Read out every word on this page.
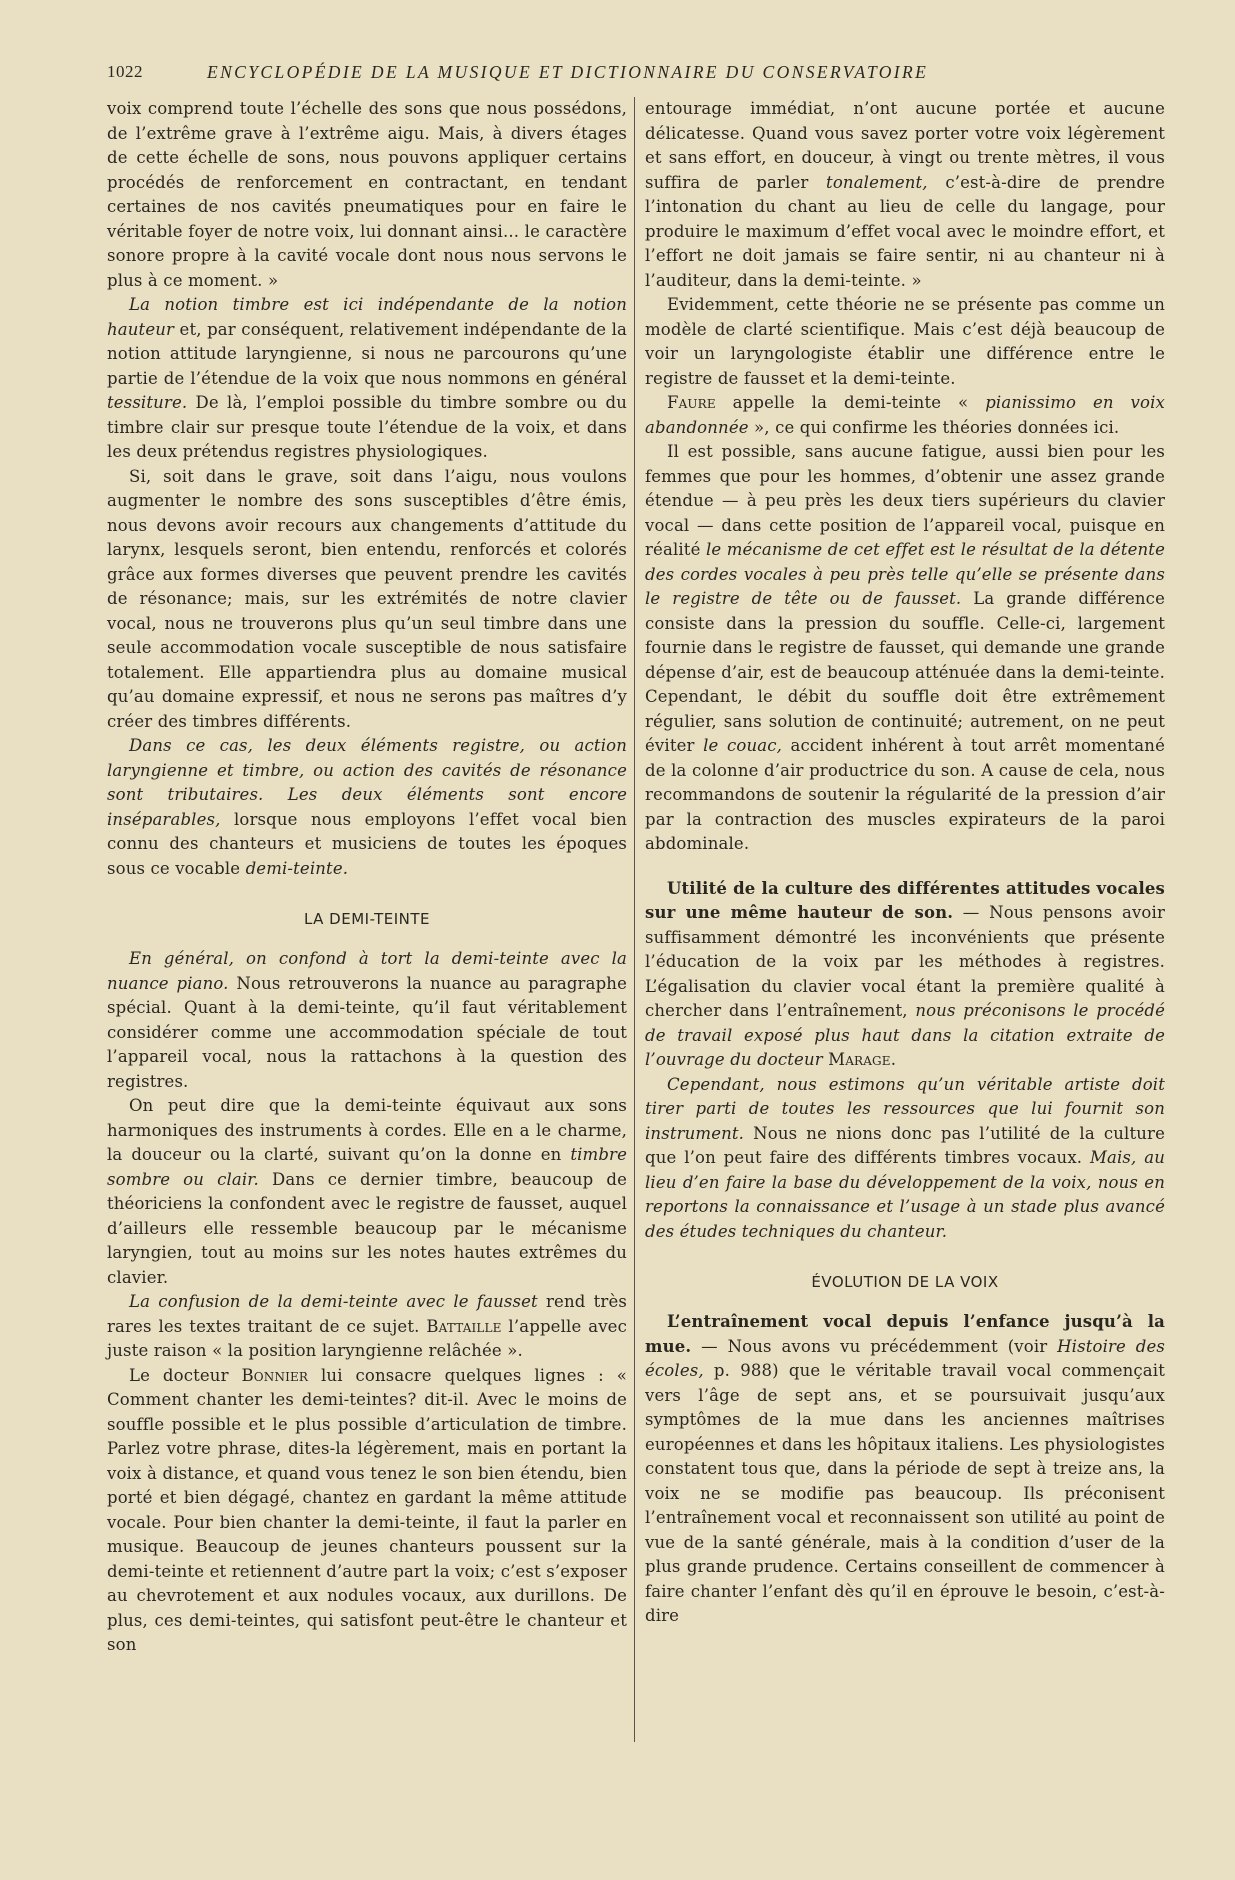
1022	ENCYCLOPÉDIE DE LA MUSIQUE ET DICTIONNAIRE DU CONSERVATOIRE

voix comprend toute l’échelle des sons que nous possédons, de l’extrême grave à l’extrême aigu. Mais, à divers étages de cette échelle de sons, nous pouvons appliquer certains procédés de renforcement en contractant, en tendant certaines de nos cavités pneumatiques pour en faire le véritable foyer de notre voix, lui donnant ainsi... le caractère sonore propre à la cavité vocale dont nous nous servons le plus à ce moment. »

La notion timbre est ici indépendante de la notion hauteur et, par conséquent, relativement indépendante de la notion attitude laryngienne, si nous ne parcourons qu’une partie de l’étendue de la voix que nous nommons en général tessiture. De là, l’emploi possible du timbre sombre ou du timbre clair sur presque toute l’étendue de la voix, et dans les deux prétendus registres physiologiques.

Si, soit dans le grave, soit dans l’aigu, nous voulons augmenter le nombre des sons susceptibles d’être émis, nous devons avoir recours aux changements d’attitude du larynx, lesquels seront, bien entendu, renforcés et colorés grâce aux formes diverses que peuvent prendre les cavités de résonance; mais, sur les extrémités de notre clavier vocal, nous ne trouverons plus qu’un seul timbre dans une seule accommodation vocale susceptible de nous satisfaire totalement. Elle appartiendra plus au domaine musical qu’au domaine expressif, et nous ne serons pas maîtres d’y créer des timbres différents.

Dans ce cas, les deux éléments registre, ou action laryngienne et timbre, ou action des cavités de résonance sont tributaires. Les deux éléments sont encore inséparables, lorsque nous employons l’effet vocal bien connu des chanteurs et musiciens de toutes les époques sous ce vocable demi-teinte.

LA DEMI-TEINTE

En général, on confond à tort la demi-teinte avec la nuance piano. Nous retrouverons la nuance au paragraphe spécial. Quant à la demi-teinte, qu’il faut véritablement considérer comme une accommodation spéciale de tout l’appareil vocal, nous la rattachons à la question des registres.

On peut dire que la demi-teinte équivaut aux sons harmoniques des instruments à cordes. Elle en a le charme, la douceur ou la clarté, suivant qu’on la donne en timbre sombre ou clair. Dans ce dernier timbre, beaucoup de théoriciens la confondent avec le registre de fausset, auquel d’ailleurs elle ressemble beaucoup par le mécanisme laryngien, tout au moins sur les notes hautes extrêmes du clavier.

La confusion de la demi-teinte avec le fausset rend très rares les textes traitant de ce sujet. Battaille l’appelle avec juste raison « la position laryngienne relâchée ».

Le docteur Bonnier lui consacre quelques lignes : « Comment chanter les demi-teintes? dit-il. Avec le moins de souffle possible et le plus possible d’articulation de timbre. Parlez votre phrase, dites-la légèrement, mais en portant la voix à distance, et quand vous tenez le son bien étendu, bien porté et bien dégagé, chantez en gardant la même attitude vocale. Pour bien chanter la demi-teinte, il faut la parler en musique. Beaucoup de jeunes chanteurs poussent sur la demi-teinte et retiennent d’autre part la voix; c’est s’exposer au chevrotement et aux nodules vocaux, aux durillons. De plus, ces demi-teintes, qui satisfont peut-être le chanteur et son

entourage immédiat, n’ont aucune portée et aucune délicatesse. Quand vous savez porter votre voix légèrement et sans effort, en douceur, à vingt ou trente mètres, il vous suffira de parler tonalement, c’est-à-dire de prendre l’intonation du chant au lieu de celle du langage, pour produire le maximum d’effet vocal avec le moindre effort, et l’effort ne doit jamais se faire sentir, ni au chanteur ni à l’auditeur, dans la demi-teinte. »

Evidemment, cette théorie ne se présente pas comme un modèle de clarté scientifique. Mais c’est déjà beaucoup de voir un laryngologiste établir une différence entre le registre de fausset et la demi-teinte.

Faure appelle la demi-teinte « pianissimo en voix abandonnée », ce qui confirme les théories données ici.

Il est possible, sans aucune fatigue, aussi bien pour les femmes que pour les hommes, d’obtenir une assez grande étendue — à peu près les deux tiers supérieurs du clavier vocal — dans cette position de l’appareil vocal, puisque en réalité le mécanisme de cet effet est le résultat de la détente des cordes vocales à peu près telle qu’elle se présente dans le registre de tête ou de fausset. La grande différence consiste dans la pression du souffle. Celle-ci, largement fournie dans le registre de fausset, qui demande une grande dépense d’air, est de beaucoup atténuée dans la demi-teinte. Cependant, le débit du souffle doit être extrêmement régulier, sans solution de continuité; autrement, on ne peut éviter le couac, accident inhérent à tout arrêt momentané de la colonne d’air productrice du son. A cause de cela, nous recommandons de soutenir la régularité de la pression d’air par la contraction des muscles expirateurs de la paroi abdominale.

Utilité de la culture des différentes attitudes vocales sur une même hauteur de son. — Nous pensons avoir suffisamment démontré les inconvénients que présente l’éducation de la voix par les méthodes à registres. L’égalisation du clavier vocal étant la première qualité à chercher dans l’entraînement, nous préconisons le procédé de travail exposé plus haut dans la citation extraite de l’ouvrage du docteur Marage.

Cependant, nous estimons qu’un véritable artiste doit tirer parti de toutes les ressources que lui fournit son instrument. Nous ne nions donc pas l’utilité de la culture que l’on peut faire des différents timbres vocaux. Mais, au lieu d’en faire la base du développement de la voix, nous en reportons la connaissance et l’usage à un stade plus avancé des études techniques du chanteur.

ÉVOLUTION DE LA VOIX

L’entraînement vocal depuis l’enfance jusqu’à la mue. — Nous avons vu précédemment (voir Histoire des écoles, p. 988) que le véritable travail vocal commençait vers l’âge de sept ans, et se poursuivait jusqu’aux symptômes de la mue dans les anciennes maîtrises européennes et dans les hôpitaux italiens. Les physiologistes constatent tous que, dans la période de sept à treize ans, la voix ne se modifie pas beaucoup. Ils préconisent l’entraînement vocal et reconnaissent son utilité au point de vue de la santé générale, mais à la condition d’user de la plus grande prudence. Certains conseillent de commencer à faire chanter l’enfant dès qu’il en éprouve le besoin, c’est-à-dire
